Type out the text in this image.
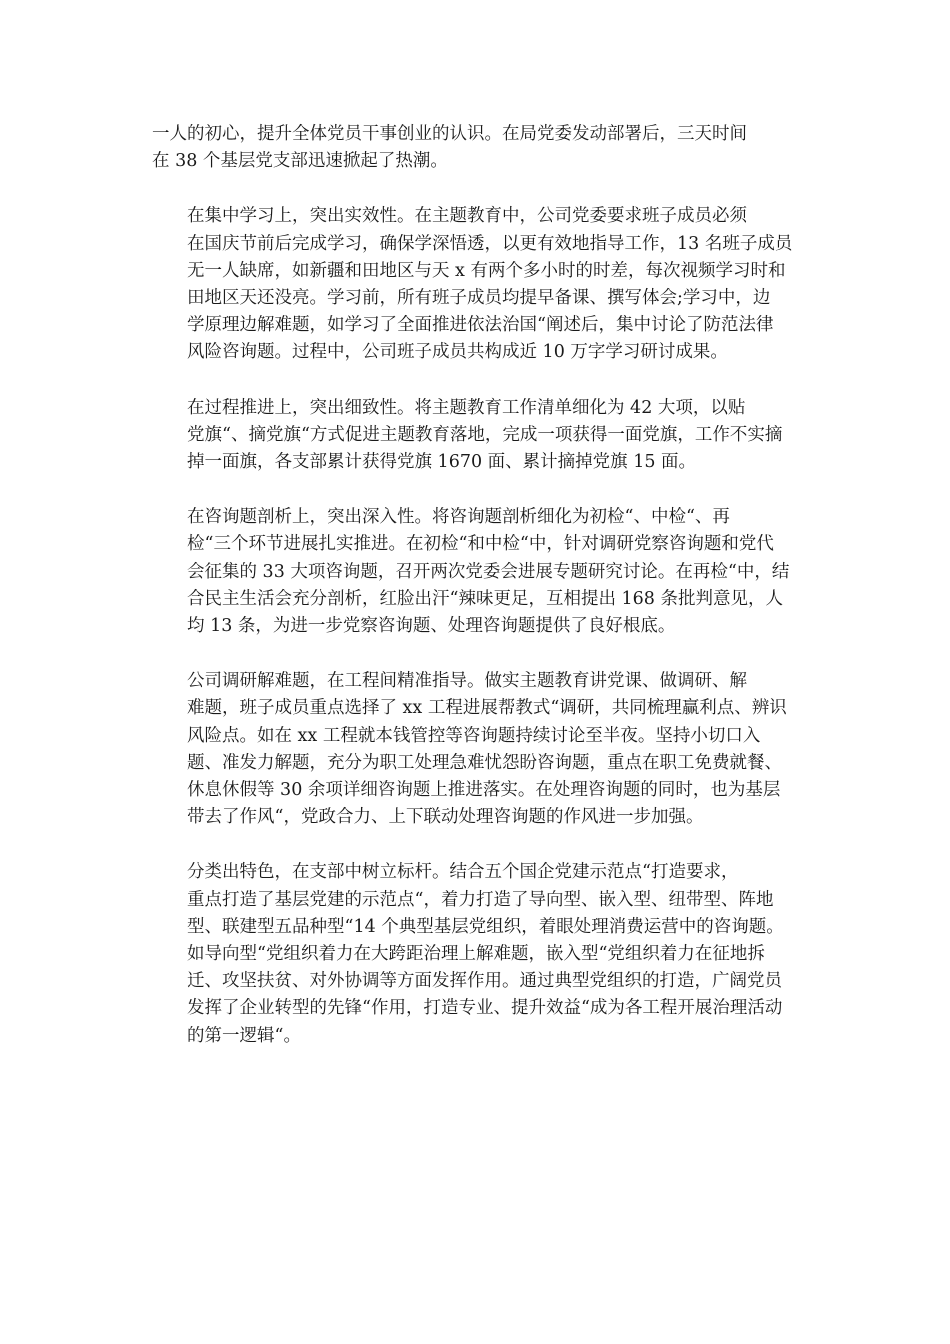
一人的初心，提升全体党员干事创业的认识。在局党委发动部署后，三天时间
在 38 个基层党支部迅速掀起了热潮。

在集中学习上，突出实效性。在主题教育中，公司党委要求班子成员必须
在国庆节前后完成学习，确保学深悟透，以更有效地指导工作，13 名班子成员
无一人缺席，如新疆和田地区与天 x 有两个多小时的时差，每次视频学习时和
田地区天还没亮。学习前，所有班子成员均提早备课、撰写体会;学习中，边
学原理边解难题，如学习了全面推进依法治国“阐述后，集中讨论了防范法律
风险咨询题。过程中，公司班子成员共构成近 10 万字学习研讨成果。

在过程推进上，突出细致性。将主题教育工作清单细化为 42 大项，以贴
党旗“、摘党旗“方式促进主题教育落地，完成一项获得一面党旗，工作不实摘
掉一面旗，各支部累计获得党旗 1670 面、累计摘掉党旗 15 面。

在咨询题剖析上，突出深入性。将咨询题剖析细化为初检“、中检“、再
检“三个环节进展扎实推进。在初检“和中检“中，针对调研党察咨询题和党代
会征集的 33 大项咨询题，召开两次党委会进展专题研究讨论。在再检“中，结
合民主生活会充分剖析，红脸出汗“辣味更足，互相提出 168 条批判意见，人
均 13 条，为进一步党察咨询题、处理咨询题提供了良好根底。

公司调研解难题，在工程间精准指导。做实主题教育讲党课、做调研、解
难题，班子成员重点选择了 xx 工程进展帮教式“调研，共同梳理赢利点、辨识
风险点。如在 xx 工程就本钱管控等咨询题持续讨论至半夜。坚持小切口入
题、准发力解题，充分为职工处理急难忧怨盼咨询题，重点在职工免费就餐、
休息休假等 30 余项详细咨询题上推进落实。在处理咨询题的同时，也为基层
带去了作风“，党政合力、上下联动处理咨询题的作风进一步加强。

分类出特色，在支部中树立标杆。结合五个国企党建示范点“打造要求，
重点打造了基层党建的示范点“，着力打造了导向型、嵌入型、纽带型、阵地
型、联建型五品种型“14 个典型基层党组织，着眼处理消费运营中的咨询题。
如导向型“党组织着力在大跨距治理上解难题，嵌入型“党组织着力在征地拆
迁、攻坚扶贫、对外协调等方面发挥作用。通过典型党组织的打造，广阔党员
发挥了企业转型的先锋“作用，打造专业、提升效益“成为各工程开展治理活动
的第一逻辑“。
